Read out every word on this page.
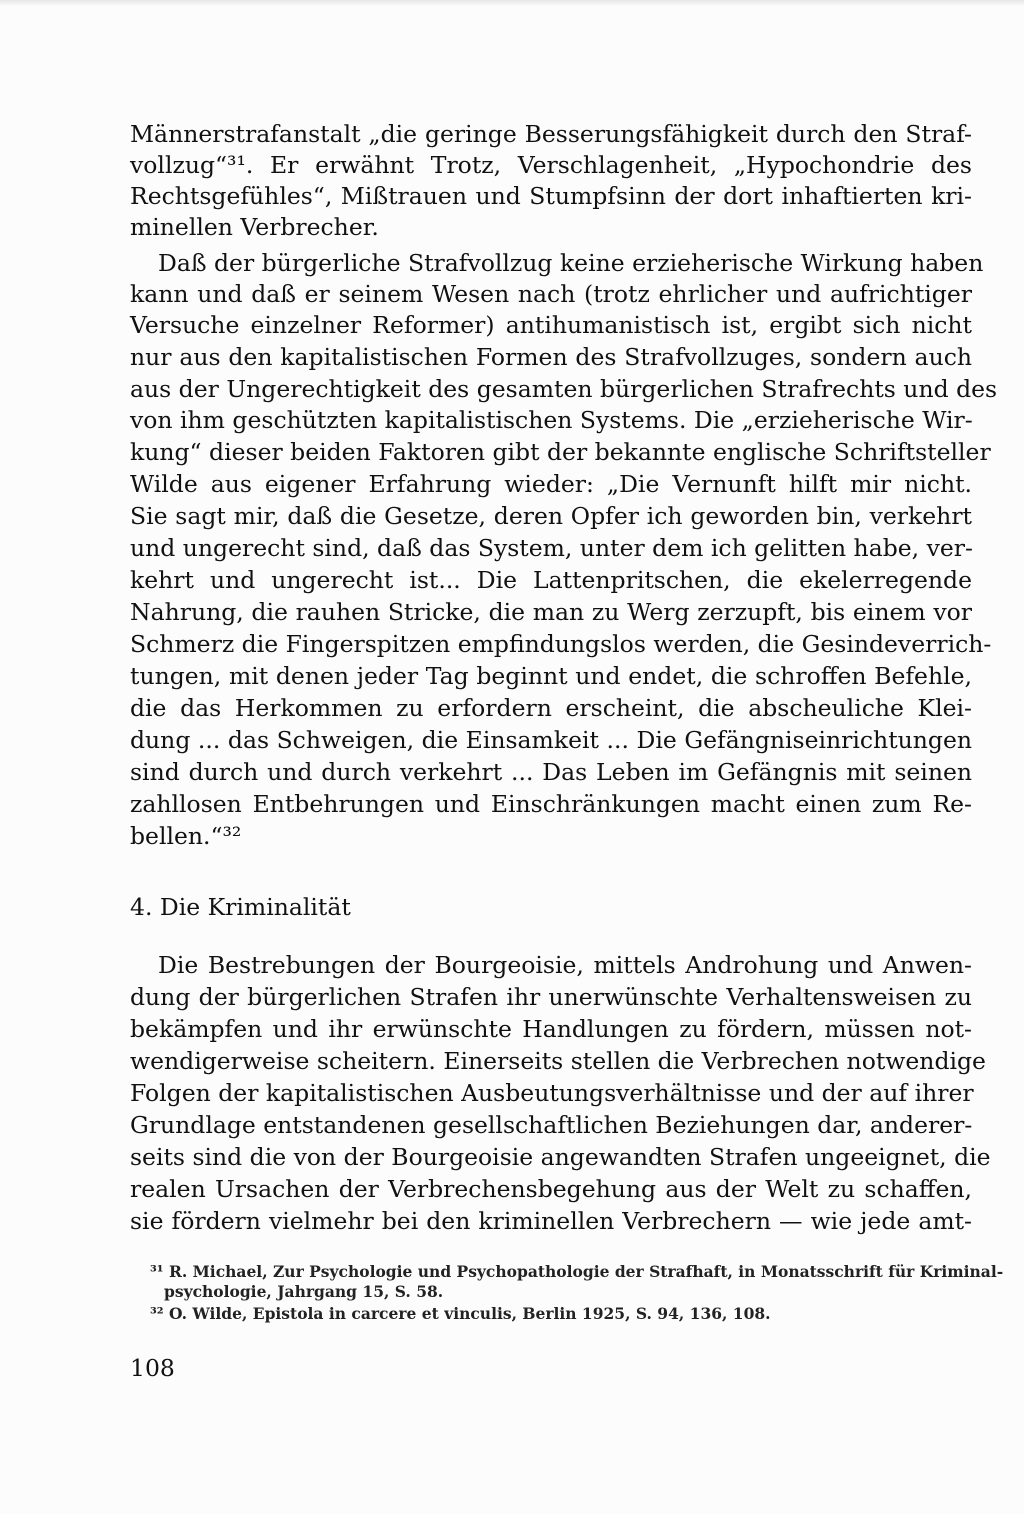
Männerstrafanstalt „die geringe Besserungsfähigkeit durch den Straf-
vollzug“³¹. Er erwähnt Trotz, Verschlagenheit, „Hypochondrie des
Rechtsgefühles“, Mißtrauen und Stumpfsinn der dort inhaftierten kri-
minellen Verbrecher.
Daß der bürgerliche Strafvollzug keine erzieherische Wirkung haben
kann und daß er seinem Wesen nach (trotz ehrlicher und aufrichtiger
Versuche einzelner Reformer) antihumanistisch ist, ergibt sich nicht
nur aus den kapitalistischen Formen des Strafvollzuges, sondern auch
aus der Ungerechtigkeit des gesamten bürgerlichen Strafrechts und des
von ihm geschützten kapitalistischen Systems. Die „erzieherische Wir-
kung“ dieser beiden Faktoren gibt der bekannte englische Schriftsteller
Wilde aus eigener Erfahrung wieder: „Die Vernunft hilft mir nicht.
Sie sagt mir, daß die Gesetze, deren Opfer ich geworden bin, verkehrt
und ungerecht sind, daß das System, unter dem ich gelitten habe, ver-
kehrt und ungerecht ist... Die Lattenpritschen, die ekelerregende
Nahrung, die rauhen Stricke, die man zu Werg zerzupft, bis einem vor
Schmerz die Fingerspitzen empfindungslos werden, die Gesindeverrich-
tungen, mit denen jeder Tag beginnt und endet, die schroffen Befehle,
die das Herkommen zu erfordern erscheint, die abscheuliche Klei-
dung ... das Schweigen, die Einsamkeit ... Die Gefängniseinrichtungen
sind durch und durch verkehrt ... Das Leben im Gefängnis mit seinen
zahllosen Entbehrungen und Einschränkungen macht einen zum Re-
bellen.“³²
4. Die Kriminalität
Die Bestrebungen der Bourgeoisie, mittels Androhung und Anwen-
dung der bürgerlichen Strafen ihr unerwünschte Verhaltensweisen zu
bekämpfen und ihr erwünschte Handlungen zu fördern, müssen not-
wendigerweise scheitern. Einerseits stellen die Verbrechen notwendige
Folgen der kapitalistischen Ausbeutungsverhältnisse und der auf ihrer
Grundlage entstandenen gesellschaftlichen Beziehungen dar, anderer-
seits sind die von der Bourgeoisie angewandten Strafen ungeeignet, die
realen Ursachen der Verbrechensbegehung aus der Welt zu schaffen,
sie fördern vielmehr bei den kriminellen Verbrechern — wie jede amt-
³¹ R. Michael, Zur Psychologie und Psychopathologie der Strafhaft, in Monatsschrift für Kriminal-
psychologie, Jahrgang 15, S. 58.
³² O. Wilde, Epistola in carcere et vinculis, Berlin 1925, S. 94, 136, 108.
108
